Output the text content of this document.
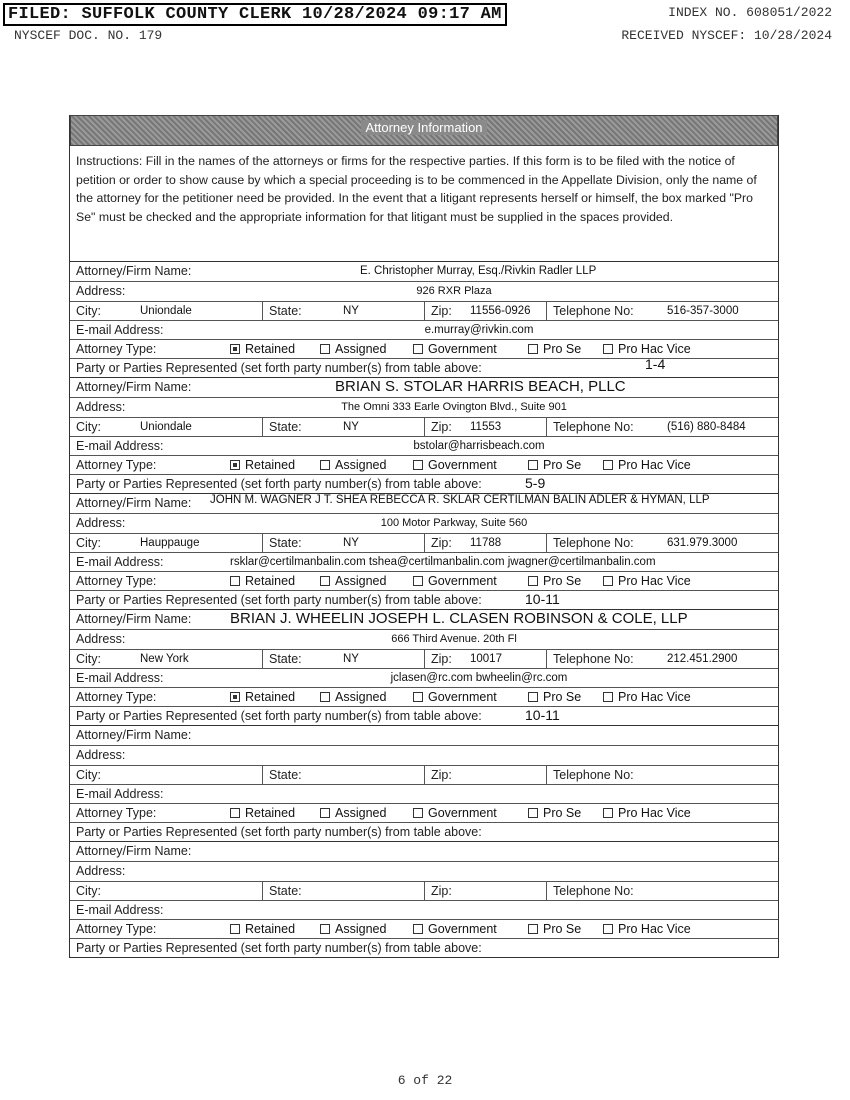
FILED: SUFFOLK COUNTY CLERK 10/28/2024 09:17 AM
NYSCEF DOC. NO. 179
INDEX NO. 608051/2022
RECEIVED NYSCEF: 10/28/2024
Attorney Information
Instructions: Fill in the names of the attorneys or firms for the respective parties. If this form is to be filed with the notice of petition or order to show cause by which a special proceeding is to be commenced in the Appellate Division, only the name of the attorney for the petitioner need be provided. In the event that a litigant represents herself or himself, the box marked "Pro Se" must be checked and the appropriate information for that litigant must be supplied in the spaces provided.
Attorney/Firm Name:	E. Christopher Murray, Esq./Rivkin Radler LLP
Address:	926 RXR Plaza
City:	Uniondale	State:	NY	Zip: 11556-0926	Telephone No:	516-357-3000
E-mail Address:	e.murray@rivkin.com
Attorney Type:	Retained	Assigned	Government	Pro Se	Pro Hac Vice
Party or Parties Represented (set forth party number(s) from table above:	1-4
Attorney/Firm Name:	BRIAN S. STOLAR HARRIS BEACH, PLLC
Address:	The Omni 333 Earle Ovington Blvd., Suite 901
City:	Uniondale	State:	NY	Zip: 11553	Telephone No:	(516) 880-8484
E-mail Address:	bstolar@harrisbeach.com
Attorney Type:	Retained	Assigned	Government	Pro Se	Pro Hac Vice
Party or Parties Represented (set forth party number(s) from table above:	5-9
Attorney/Firm Name: JOHN M. WAGNER J T. SHEA REBECCA R. SKLAR CERTILMAN BALIN ADLER & HYMAN, LLP
Address:	100 Motor Parkway, Suite 560
City:	Hauppauge	State:	NY	Zip: 11788	Telephone No:	631.979.3000
E-mail Address:	rsklar@certilmanbalin.com tshea@certilmanbalin.com jwagner@certilmanbalin.com
Attorney Type:	Retained	Assigned	Government	Pro Se	Pro Hac Vice
Party or Parties Represented (set forth party number(s) from table above:	10-11
Attorney/Firm Name:	BRIAN J. WHEELIN JOSEPH L. CLASEN ROBINSON & COLE, LLP
Address:	666 Third Avenue. 20th Fl
City:	New York	State:	NY	Zip: 10017	Telephone No:	212.451.2900
E-mail Address:	jclasen@rc.com bwheelin@rc.com
Attorney Type:	Retained	Assigned	Government	Pro Se	Pro Hac Vice
Party or Parties Represented (set forth party number(s) from table above:	10-11
Attorney/Firm Name:
Address:
City:	State:	Zip:	Telephone No:
E-mail Address:
Attorney Type:	Retained	Assigned	Government	Pro Se	Pro Hac Vice
Party or Parties Represented (set forth party number(s) from table above:
Attorney/Firm Name:
Address:
City:	State:	Zip:	Telephone No:
E-mail Address:
Attorney Type:	Retained	Assigned	Government	Pro Se	Pro Hac Vice
Party or Parties Represented (set forth party number(s) from table above:
6 of 22
